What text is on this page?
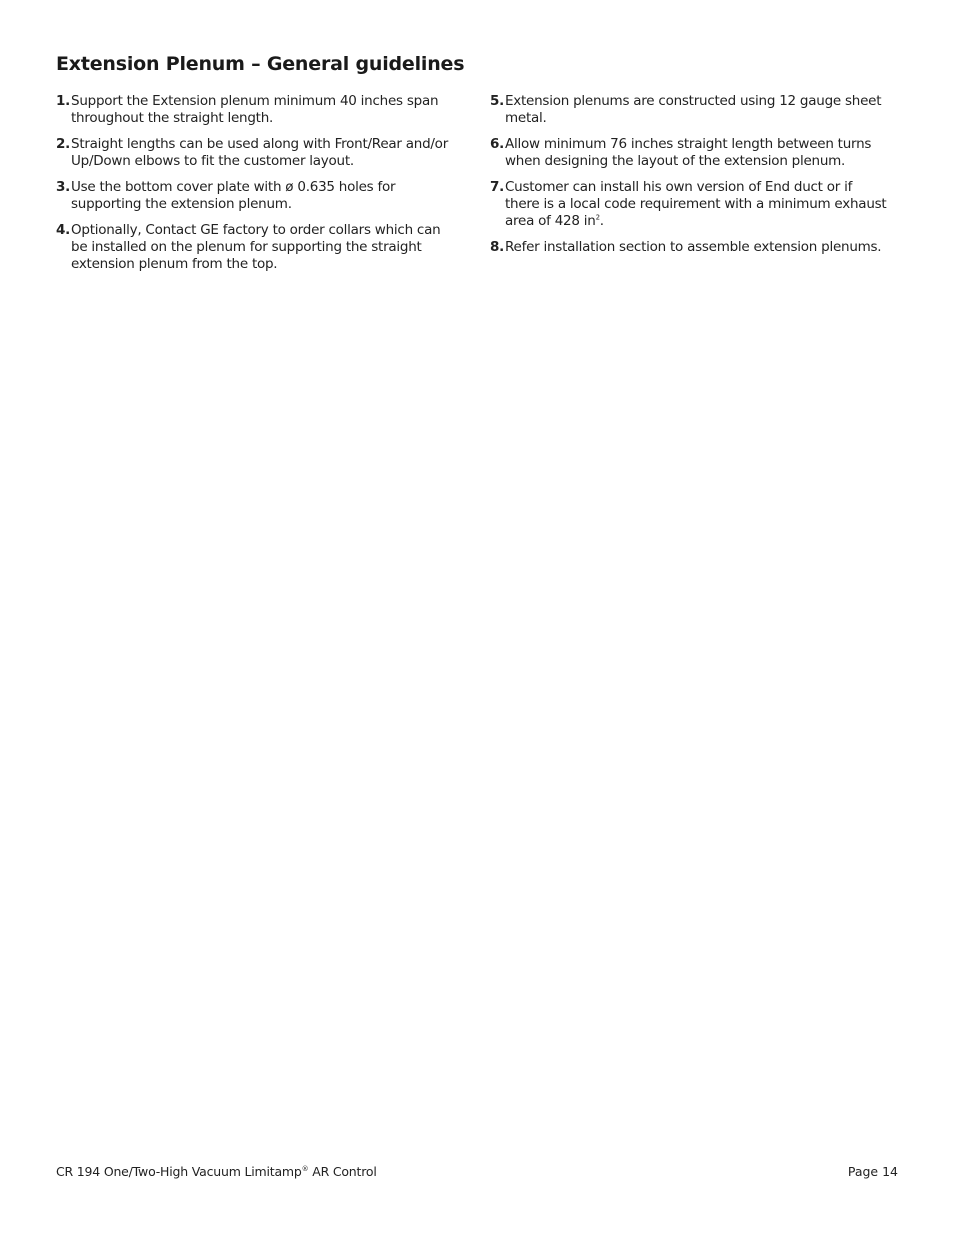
Extension Plenum – General guidelines
1. Support the Extension plenum minimum 40 inches span throughout the straight length.
2. Straight lengths can be used along with Front/Rear and/or Up/Down elbows to fit the customer layout.
3. Use the bottom cover plate with ø 0.635 holes for supporting the extension plenum.
4. Optionally, Contact GE factory to order collars which can be installed on the plenum for supporting the straight extension plenum from the top.
5. Extension plenums are constructed using 12 gauge sheet metal.
6. Allow minimum 76 inches straight length between turns when designing the layout of the extension plenum.
7. Customer can install his own version of End duct or if there is a local code requirement with a minimum exhaust area of 428 $in^2$.
8. Refer installation section to assemble extension plenums.
CR 194 One/Two-High Vacuum Limitamp® AR Control	Page 14
